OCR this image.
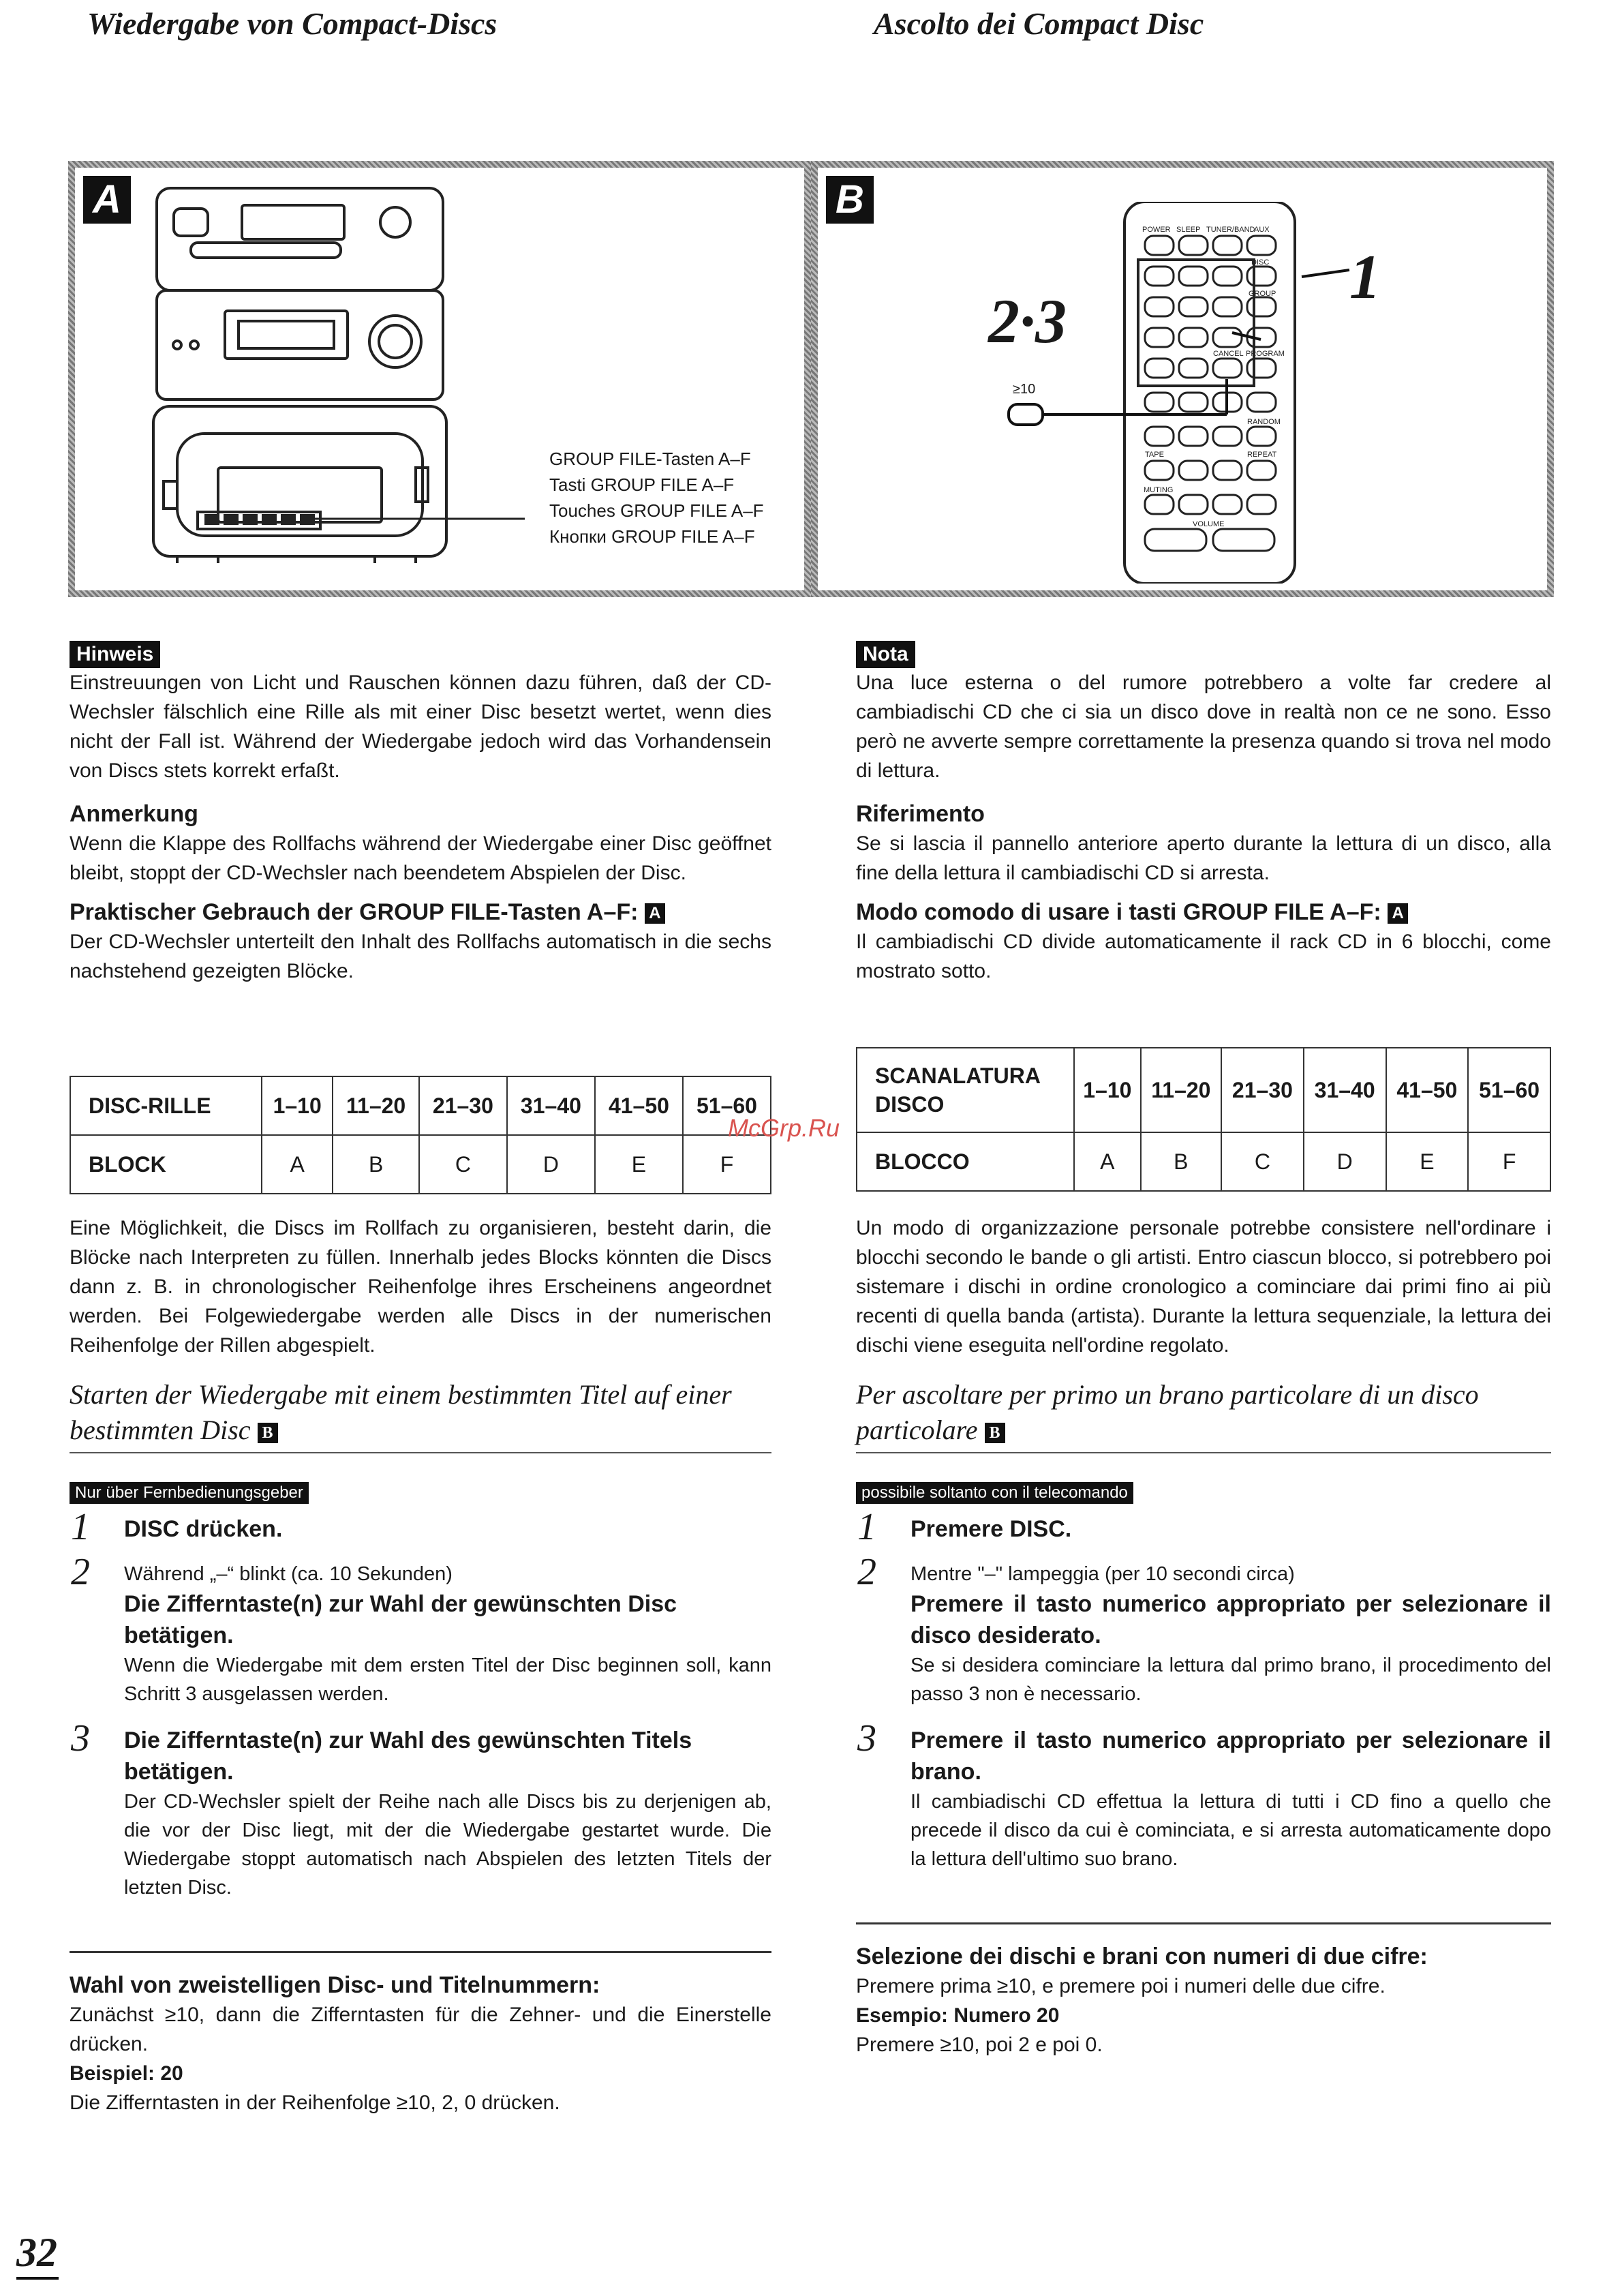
Wiedergabe von Compact-Discs	Ascolto dei Compact Disc
A
GROUP FILE-Tasten A–F
Tasti GROUP FILE A–F
Touches GROUP FILE A–F
Кнопки GROUP FILE A–F
B
POWER SLEEP TUNER/BAND
AUX
DISC
GROUP
CANCEL PROGRAM
RANDOM
TAPE	REPEAT
MUTING
VOLUME
2·3
1
≥10
Hinweis
Einstreuungen von Licht und Rauschen können dazu führen, daß der CD-Wechsler fälschlich eine Rille als mit einer Disc besetzt wertet, wenn dies nicht der Fall ist. Während der Wiedergabe jedoch wird das Vorhandensein von Discs stets korrekt erfaßt.
Anmerkung
Wenn die Klappe des Rollfachs während der Wiedergabe einer Disc geöffnet bleibt, stoppt der CD-Wechsler nach beendetem Abspielen der Disc.
Praktischer Gebrauch der GROUP FILE-Tasten A–F: A
Der CD-Wechsler unterteilt den Inhalt des Rollfachs automatisch in die sechs nachstehend gezeigten Blöcke.
DISC-RILLE	1–10	11–20	21–30	31–40	41–50	51–60
BLOCK	A	B	C	D	E	F
Eine Möglichkeit, die Discs im Rollfach zu organisieren, besteht darin, die Blöcke nach Interpreten zu füllen. Innerhalb jedes Blocks könnten die Discs dann z. B. in chronologischer Reihenfolge ihres Erscheinens angeordnet werden. Bei Folgewiedergabe werden alle Discs in der numerischen Reihenfolge der Rillen abgespielt.
Starten der Wiedergabe mit einem bestimmten Titel auf einer bestimmten Disc B
Nur über Fernbedienungsgeber
1 DISC drücken.
2 Während „–“ blinkt (ca. 10 Sekunden)
Die Zifferntaste(n) zur Wahl der gewünschten Disc betätigen.
Wenn die Wiedergabe mit dem ersten Titel der Disc beginnen soll, kann Schritt 3 ausgelassen werden.
3 Die Zifferntaste(n) zur Wahl des gewünschten Titels betätigen.
Der CD-Wechsler spielt der Reihe nach alle Discs bis zu derjenigen ab, die vor der Disc liegt, mit der die Wiedergabe gestartet wurde. Die Wiedergabe stoppt automatisch nach Abspielen des letzten Titels der letzten Disc.
Wahl von zweistelligen Disc- und Titelnummern:
Zunächst ≥10, dann die Zifferntasten für die Zehner- und die Einerstelle drücken.
Beispiel: 20
Die Zifferntasten in der Reihenfolge ≥10, 2, 0 drücken.
Nota
Una luce esterna o del rumore potrebbero a volte far credere al cambiadischi CD che ci sia un disco dove in realtà non ce ne sono. Esso però ne avverte sempre correttamente la presenza quando si trova nel modo di lettura.
Riferimento
Se si lascia il pannello anteriore aperto durante la lettura di un disco, alla fine della lettura il cambiadischi CD si arresta.
Modo comodo di usare i tasti GROUP FILE A–F: A
Il cambiadischi CD divide automaticamente il rack CD in 6 blocchi, come mostrato sotto.
SCANALATURA
DISCO	1–10	11–20	21–30	31–40	41–50	51–60
BLOCCO	A	B	C	D	E	F
Un modo di organizzazione personale potrebbe consistere nell'ordinare i blocchi secondo le bande o gli artisti. Entro ciascun blocco, si potrebbero poi sistemare i dischi in ordine cronologico a cominciare dai primi fino ai più recenti di quella banda (artista). Durante la lettura sequenziale, la lettura dei dischi viene eseguita nell'ordine regolato.
Per ascoltare per primo un brano particolare di un disco particolare B
possibile soltanto con il telecomando
1 Premere DISC.
2 Mentre "–" lampeggia (per 10 secondi circa)
Premere il tasto numerico appropriato per selezionare il disco desiderato.
Se si desidera cominciare la lettura dal primo brano, il procedimento del passo 3 non è necessario.
3 Premere il tasto numerico appropriato per selezionare il brano.
Il cambiadischi CD effettua la lettura di tutti i CD fino a quello che precede il disco da cui è cominciata, e si arresta automaticamente dopo la lettura dell'ultimo suo brano.
Selezione dei dischi e brani con numeri di due cifre:
Premere prima ≥10, e premere poi i numeri delle due cifre.
Esempio: Numero 20
Premere ≥10, poi 2 e poi 0.
McGrp.Ru
32
